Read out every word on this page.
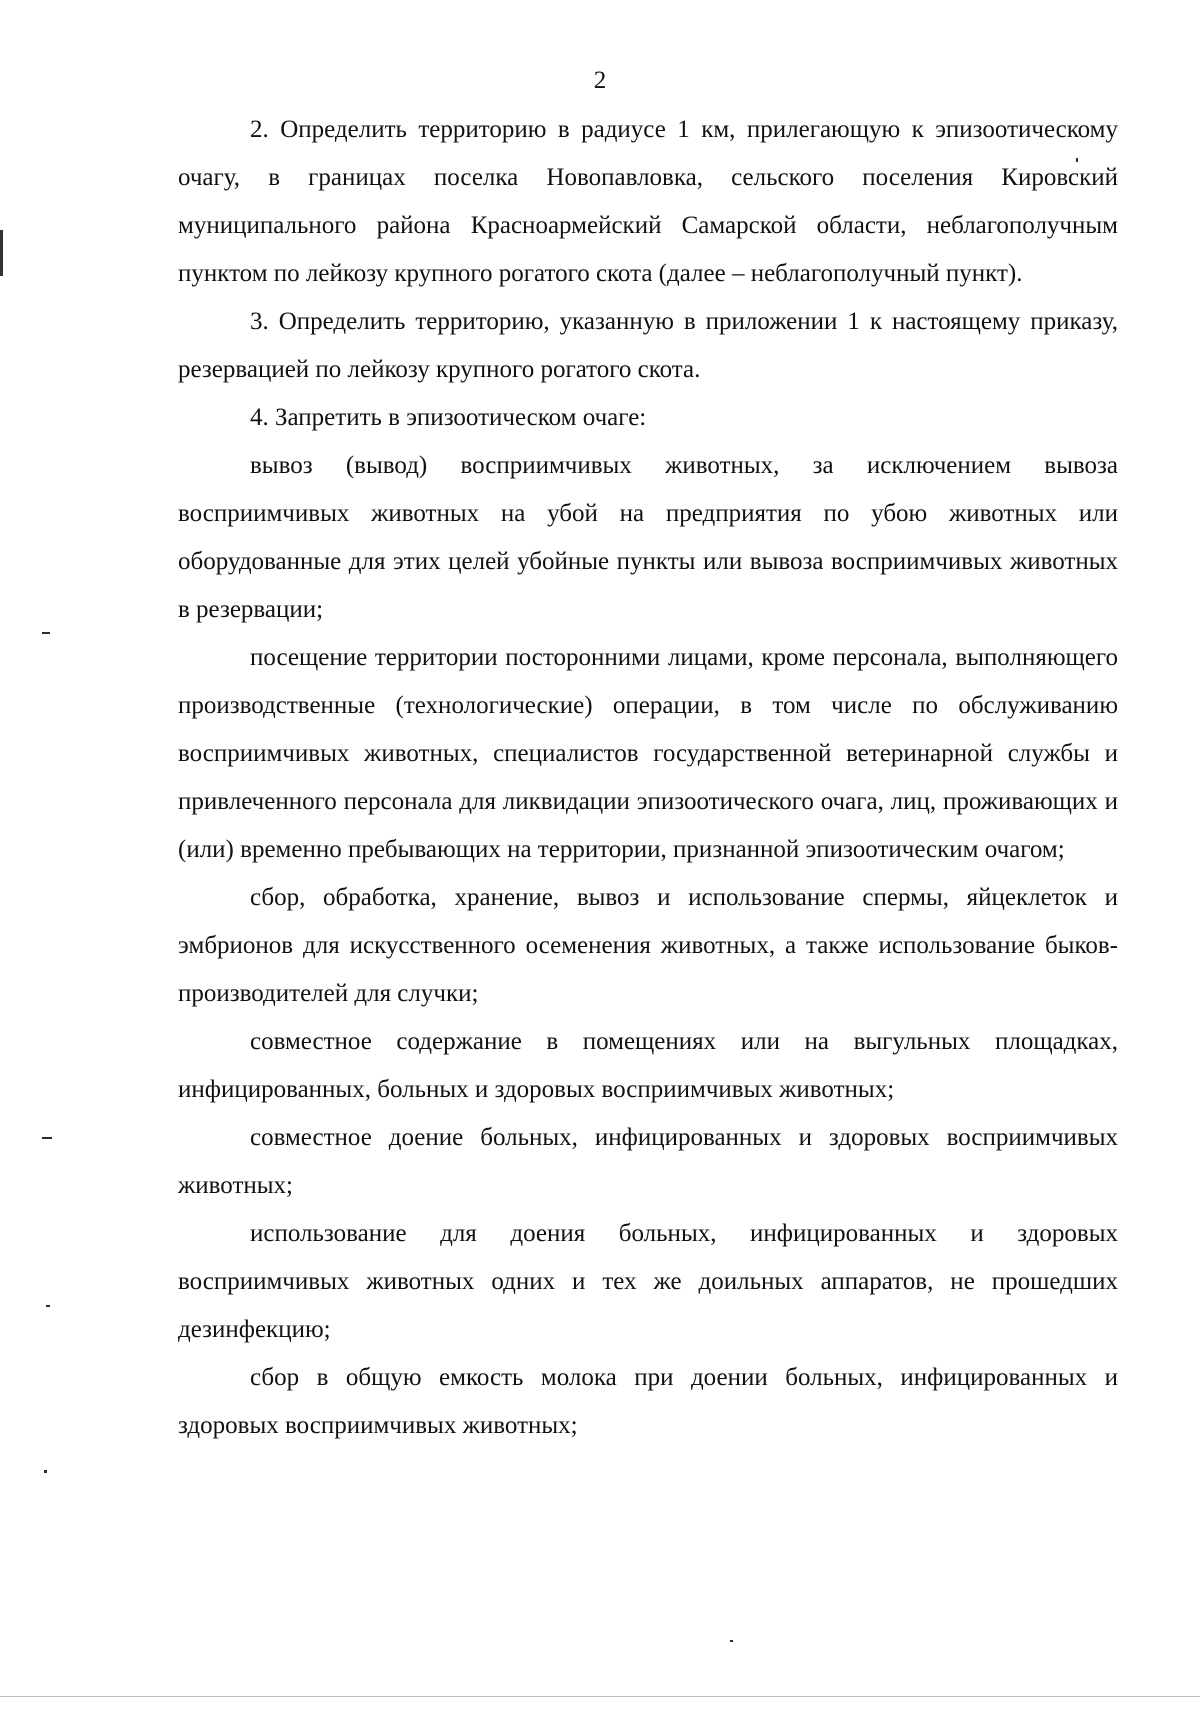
2

2. Определить территорию в радиусе 1 км, прилегающую к эпизоотическому очагу, в границах поселка Новопавловка, сельского поселения Кировский муниципального района Красноармейский Самарской области, неблагополучным пунктом по лейкозу крупного рогатого скота (далее – неблагополучный пункт).

3. Определить территорию, указанную в приложении 1 к настоящему приказу, резервацией по лейкозу крупного рогатого скота.

4. Запретить в эпизоотическом очаге:

вывоз (вывод) восприимчивых животных, за исключением вывоза восприимчивых животных на убой на предприятия по убою животных или оборудованные для этих целей убойные пункты или вывоза восприимчивых животных в резервации;

посещение территории посторонними лицами, кроме персонала, выполняющего производственные (технологические) операции, в том числе по обслуживанию восприимчивых животных, специалистов государственной ветеринарной службы и привлеченного персонала для ликвидации эпизоотического очага, лиц, проживающих и (или) временно пребывающих на территории, признанной эпизоотическим очагом;

сбор, обработка, хранение, вывоз и использование спермы, яйцеклеток и эмбрионов для искусственного осеменения животных, а также использование быков-производителей для случки;

совместное содержание в помещениях или на выгульных площадках, инфицированных, больных и здоровых восприимчивых животных;

совместное доение больных, инфицированных и здоровых восприимчивых животных;

использование для доения больных, инфицированных и здоровых восприимчивых животных одних и тех же доильных аппаратов, не прошедших дезинфекцию;

сбор в общую емкость молока при доении больных, инфицированных и здоровых восприимчивых животных;
